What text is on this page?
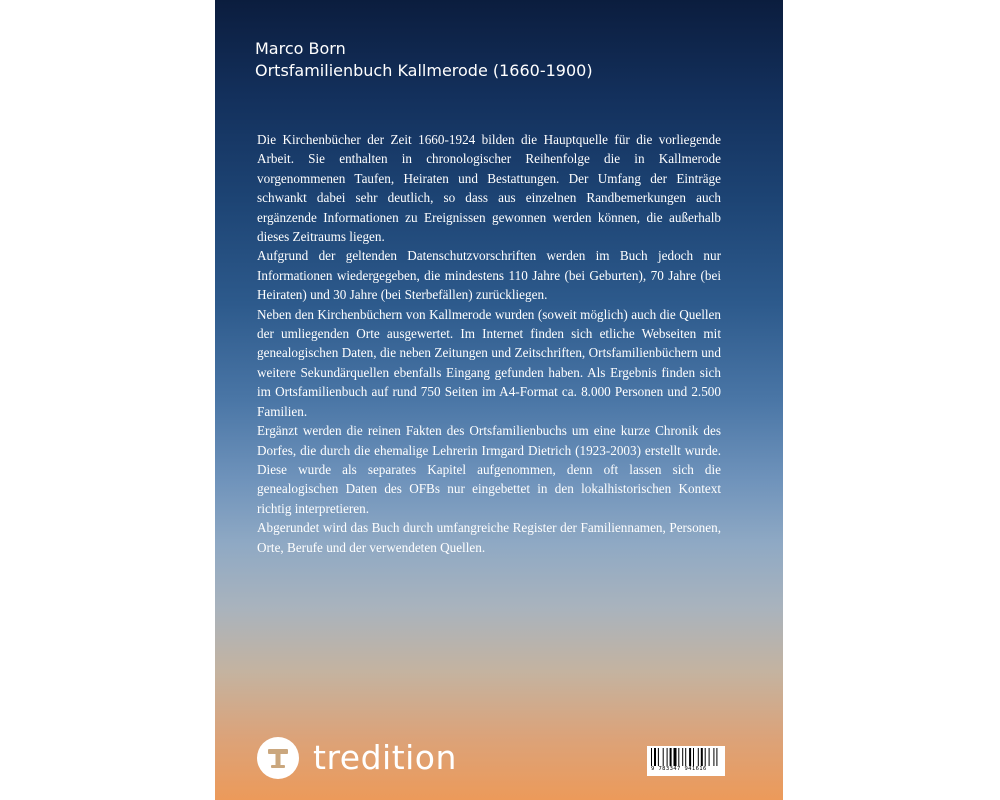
Marco Born
Ortsfamilienbuch Kallmerode (1660-1900)

Die Kirchenbücher der Zeit 1660-1924 bilden die Hauptquelle für die vorliegende Arbeit. Sie enthalten in chronologischer Reihenfolge die in Kallmerode vorgenommenen Taufen, Heiraten und Bestattungen. Der Umfang der Einträge schwankt dabei sehr deutlich, so dass aus einzelnen Randbemerkungen auch ergänzende Informationen zu Ereignissen gewonnen werden können, die außerhalb dieses Zeitraums liegen.

Aufgrund der geltenden Datenschutzvorschriften werden im Buch jedoch nur Informationen wiedergegeben, die mindestens 110 Jahre (bei Geburten), 70 Jahre (bei Heiraten) und 30 Jahre (bei Sterbefällen) zurückliegen.

Neben den Kirchenbüchern von Kallmerode wurden (soweit möglich) auch die Quellen der umliegenden Orte ausgewertet. Im Internet finden sich etliche Webseiten mit genealogischen Daten, die neben Zeitungen und Zeitschriften, Ortsfamilienbüchern und weitere Sekundärquellen ebenfalls Eingang gefunden haben. Als Ergebnis finden sich im Ortsfamilienbuch auf rund 750 Seiten im A4-Format ca. 8.000 Personen und 2.500 Familien.

Ergänzt werden die reinen Fakten des Ortsfamilienbuchs um eine kurze Chronik des Dorfes, die durch die ehemalige Lehrerin Irmgard Dietrich (1923-2003) erstellt wurde. Diese wurde als separates Kapitel aufgenommen, denn oft lassen sich die genealogischen Daten des OFBs nur eingebettet in den lokalhistorischen Kontext richtig interpretieren.

Abgerundet wird das Buch durch umfangreiche Register der Familiennamen, Personen, Orte, Berufe und der verwendeten Quellen.

tredition	9 783347 941616
